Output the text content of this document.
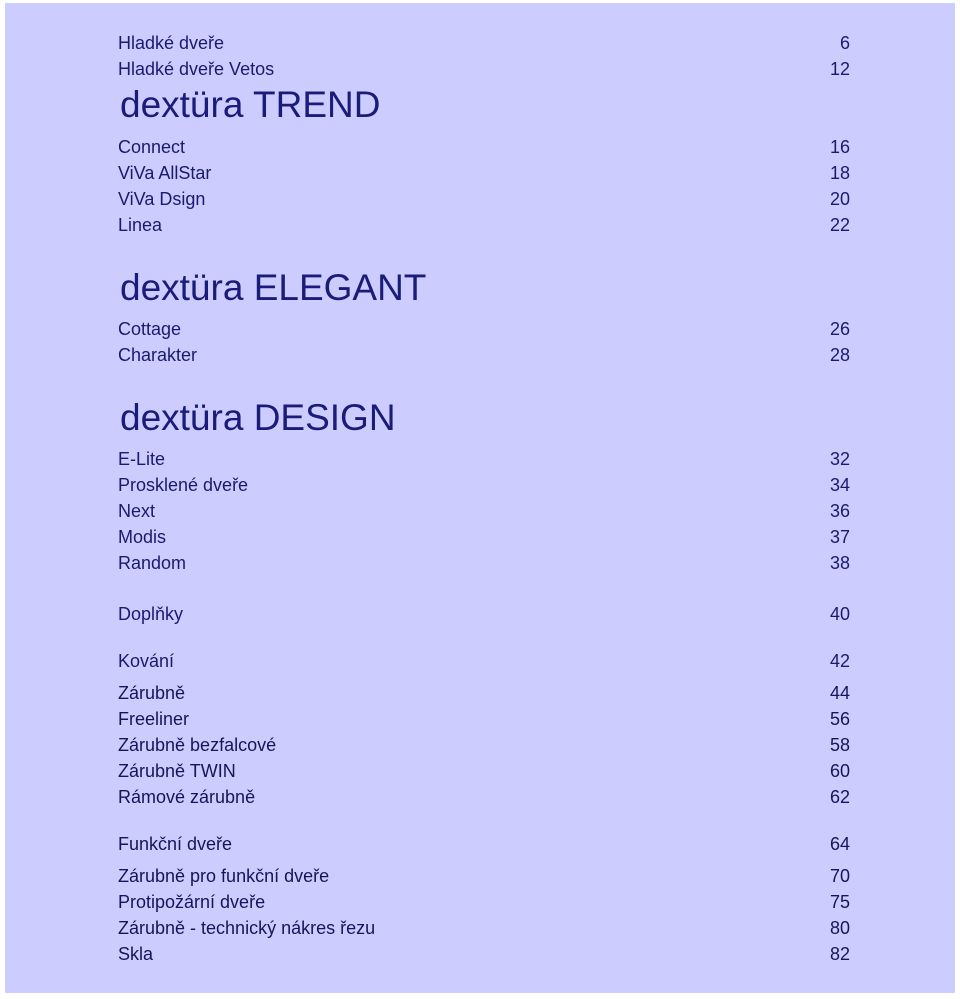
Hladké dveře	6
Hladké dveře Vetos	12
dextüra TREND
Connect	16
ViVa AllStar	18
ViVa Dsign	20
Linea	22
dextüra ELEGANT
Cottage	26
Charakter	28
dextüra DESIGN
E-Lite	32
Prosklené dveře	34
Next	36
Modis	37
Random	38
Doplňky	40
Kování	42
Zárubně	44
Freeliner	56
Zárubně bezfalcové	58
Zárubně TWIN	60
Rámové zárubně	62
Funkční dveře	64
Zárubně pro funkční dveře	70
Protipožární dveře	75
Zárubně - technický nákres řezu	80
Skla	82
